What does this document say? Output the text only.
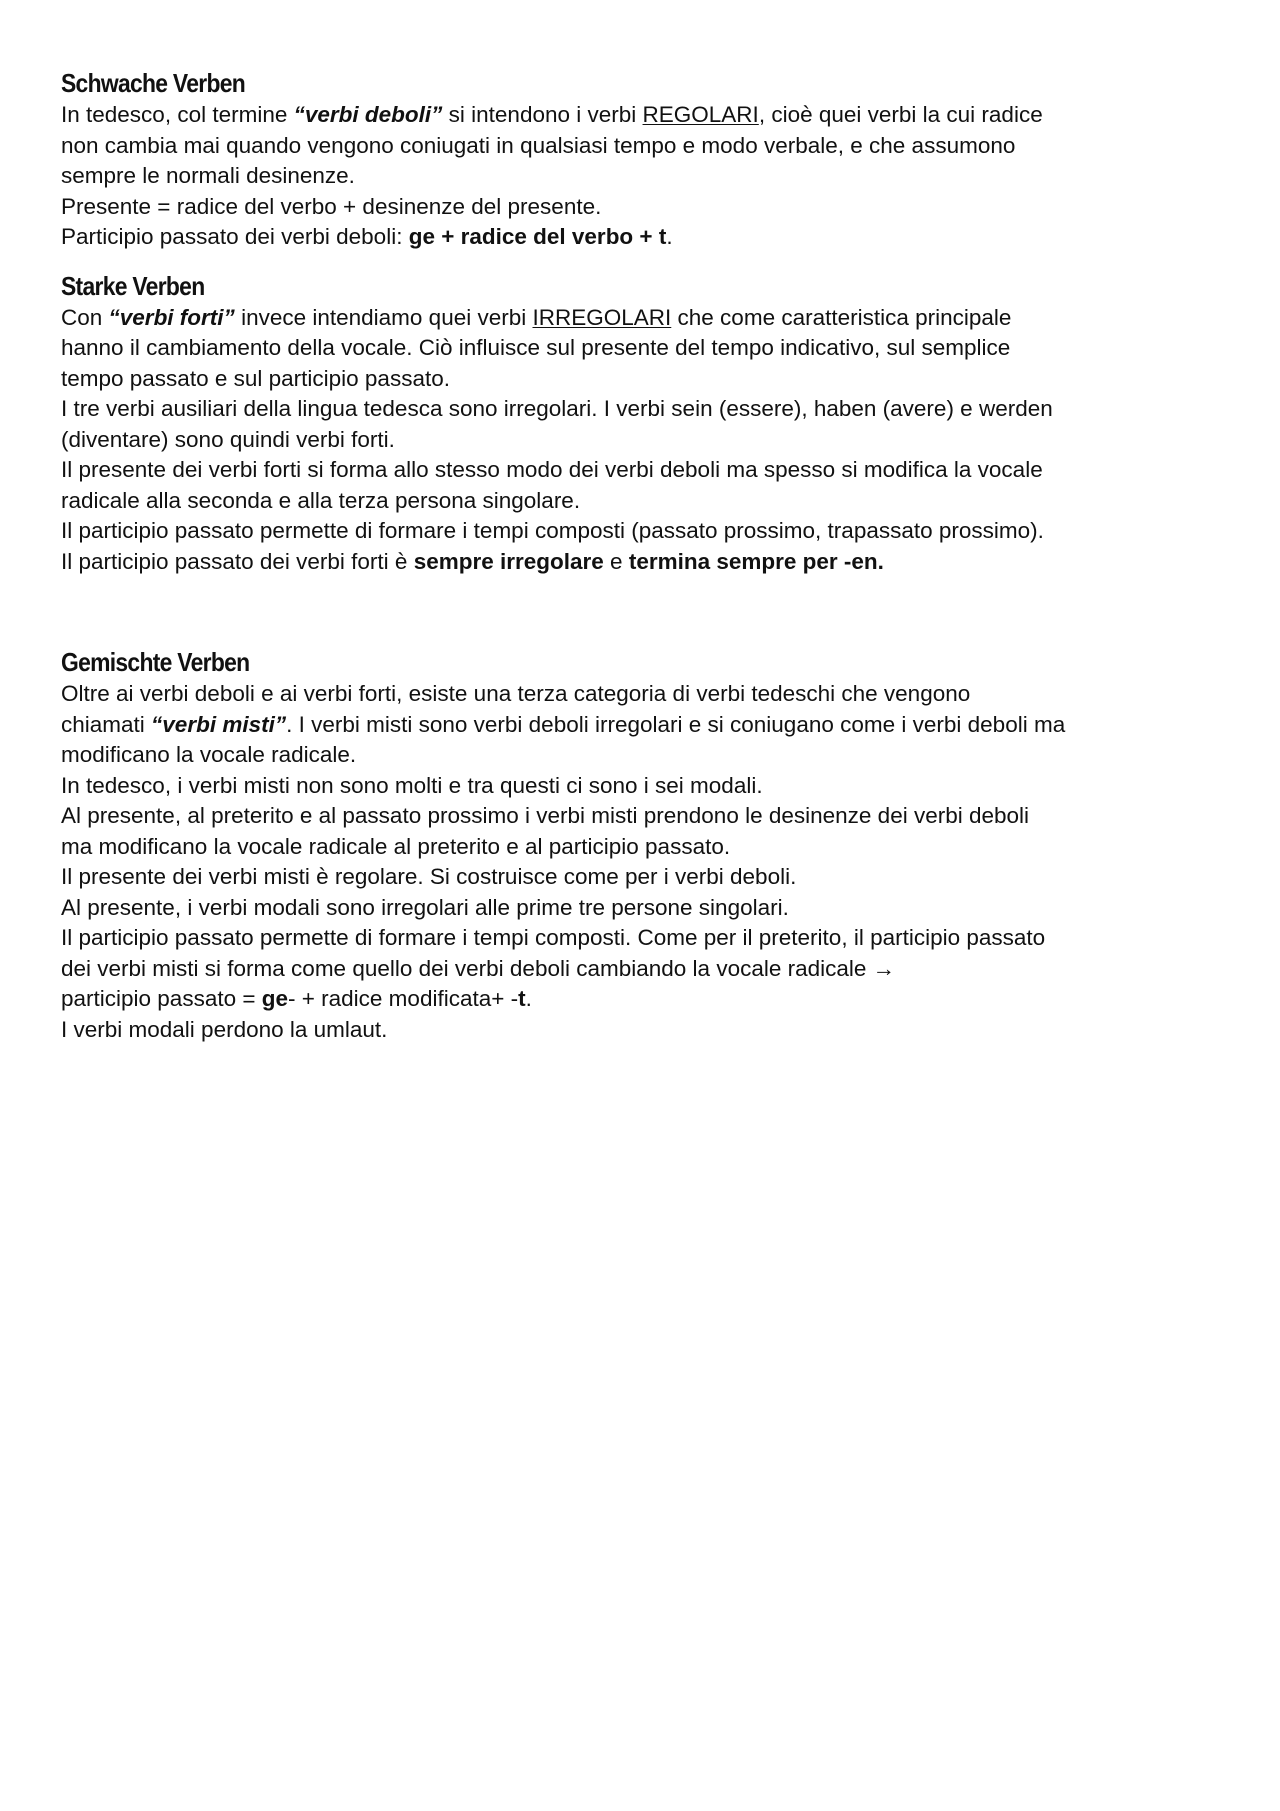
Schwache Verben

In tedesco, col termine “verbi deboli” si intendono i verbi REGOLARI, cioè quei verbi la cui radice

non cambia mai quando vengono coniugati in qualsiasi tempo e modo verbale, e che assumono

sempre le normali desinenze.

Presente = radice del verbo + desinenze del presente.

Participio passato dei verbi deboli: ge + radice del verbo + t.

Starke Verben

Con “verbi forti” invece intendiamo quei verbi IRREGOLARI che come caratteristica principale

hanno il cambiamento della vocale. Ciò influisce sul presente del tempo indicativo, sul semplice

tempo passato e sul participio passato.

I tre verbi ausiliari della lingua tedesca sono irregolari. I verbi sein (essere), haben (avere) e werden

(diventare) sono quindi verbi forti.

Il presente dei verbi forti si forma allo stesso modo dei verbi deboli ma spesso si modifica la vocale

radicale alla seconda e alla terza persona singolare.

Il participio passato permette di formare i tempi composti (passato prossimo, trapassato prossimo).

Il participio passato dei verbi forti è sempre irregolare e termina sempre per -en.

Gemischte Verben

Oltre ai verbi deboli e ai verbi forti, esiste una terza categoria di verbi tedeschi che vengono

chiamati “verbi misti”. I verbi misti sono verbi deboli irregolari e si coniugano come i verbi deboli ma

modificano la vocale radicale.

In tedesco, i verbi misti non sono molti e tra questi ci sono i sei modali.

Al presente, al preterito e al passato prossimo i verbi misti prendono le desinenze dei verbi deboli

ma modificano la vocale radicale al preterito e al participio passato.

Il presente dei verbi misti è regolare. Si costruisce come per i verbi deboli.

Al presente, i verbi modali sono irregolari alle prime tre persone singolari.

Il participio passato permette di formare i tempi composti. Come per il preterito, il participio passato

dei verbi misti si forma come quello dei verbi deboli cambiando la vocale radicale →

participio passato = ge- + radice modificata+ -t.

I verbi modali perdono la umlaut.
